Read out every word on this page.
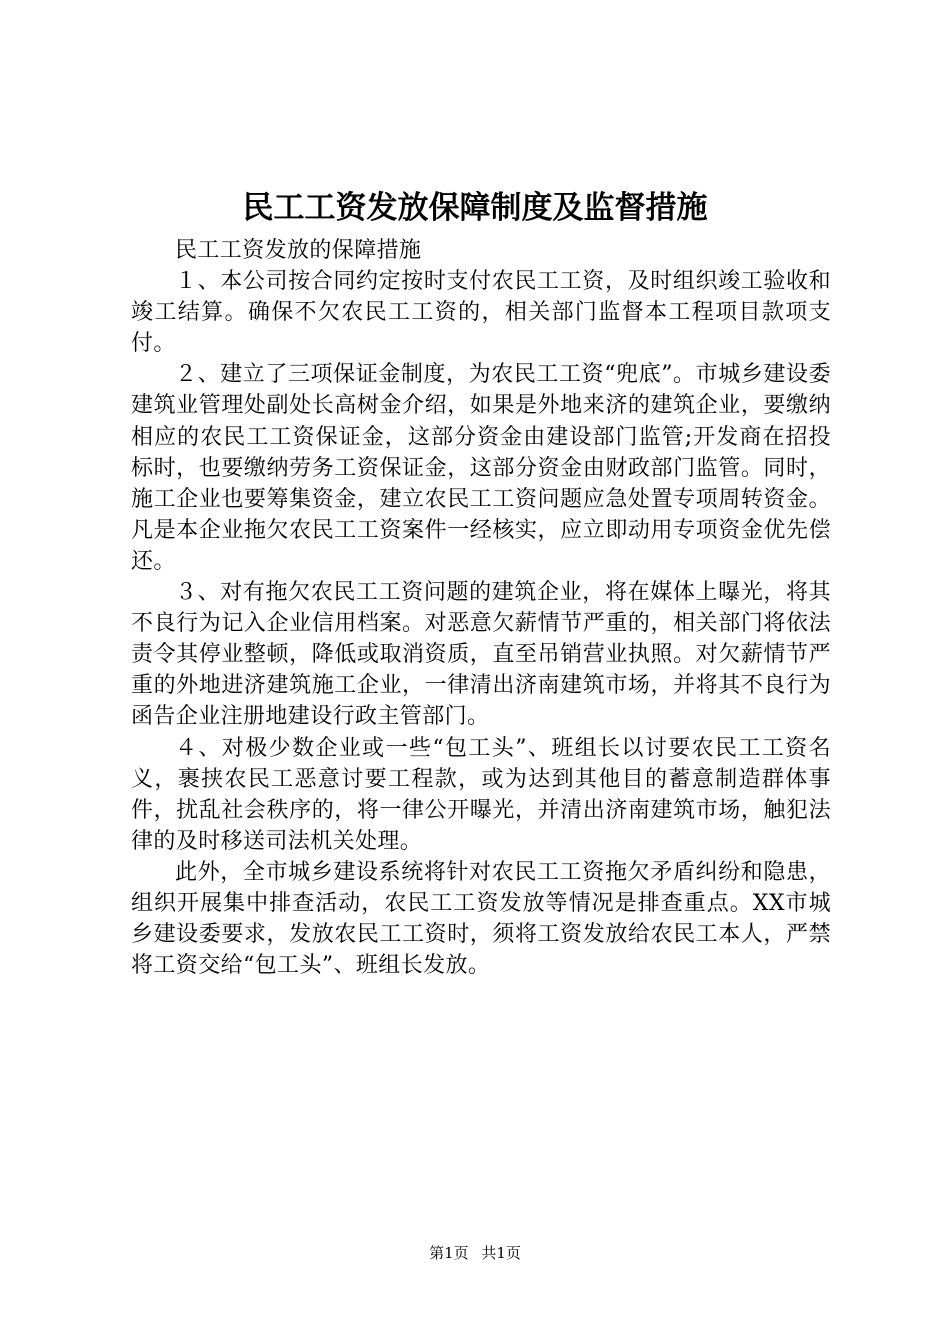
民工工资发放保障制度及监督措施

民工工资发放的保障措施

１、本公司按合同约定按时支付农民工工资，及时组织竣工验收和竣工结算。确保不欠农民工工资的，相关部门监督本工程项目款项支付。

２、建立了三项保证金制度，为农民工工资“兜底”。市城乡建设委建筑业管理处副处长高树金介绍，如果是外地来济的建筑企业，要缴纳相应的农民工工资保证金，这部分资金由建设部门监管;开发商在招投标时，也要缴纳劳务工资保证金，这部分资金由财政部门监管。同时，施工企业也要筹集资金，建立农民工工资问题应急处置专项周转资金。凡是本企业拖欠农民工工资案件一经核实，应立即动用专项资金优先偿还。

３、对有拖欠农民工工资问题的建筑企业，将在媒体上曝光，将其不良行为记入企业信用档案。对恶意欠薪情节严重的，相关部门将依法责令其停业整顿，降低或取消资质，直至吊销营业执照。对欠薪情节严重的外地进济建筑施工企业，一律清出济南建筑市场，并将其不良行为函告企业注册地建设行政主管部门。

４、对极少数企业或一些“包工头”、班组长以讨要农民工工资名义，裹挟农民工恶意讨要工程款，或为达到其他目的蓄意制造群体事件，扰乱社会秩序的，将一律公开曝光，并清出济南建筑市场，触犯法律的及时移送司法机关处理。

此外，全市城乡建设系统将针对农民工工资拖欠矛盾纠纷和隐患，组织开展集中排查活动，农民工工资发放等情况是排查重点。XX市城乡建设委要求，发放农民工工资时，须将工资发放给农民工本人，严禁将工资交给“包工头”、班组长发放。

第1页 共1页
